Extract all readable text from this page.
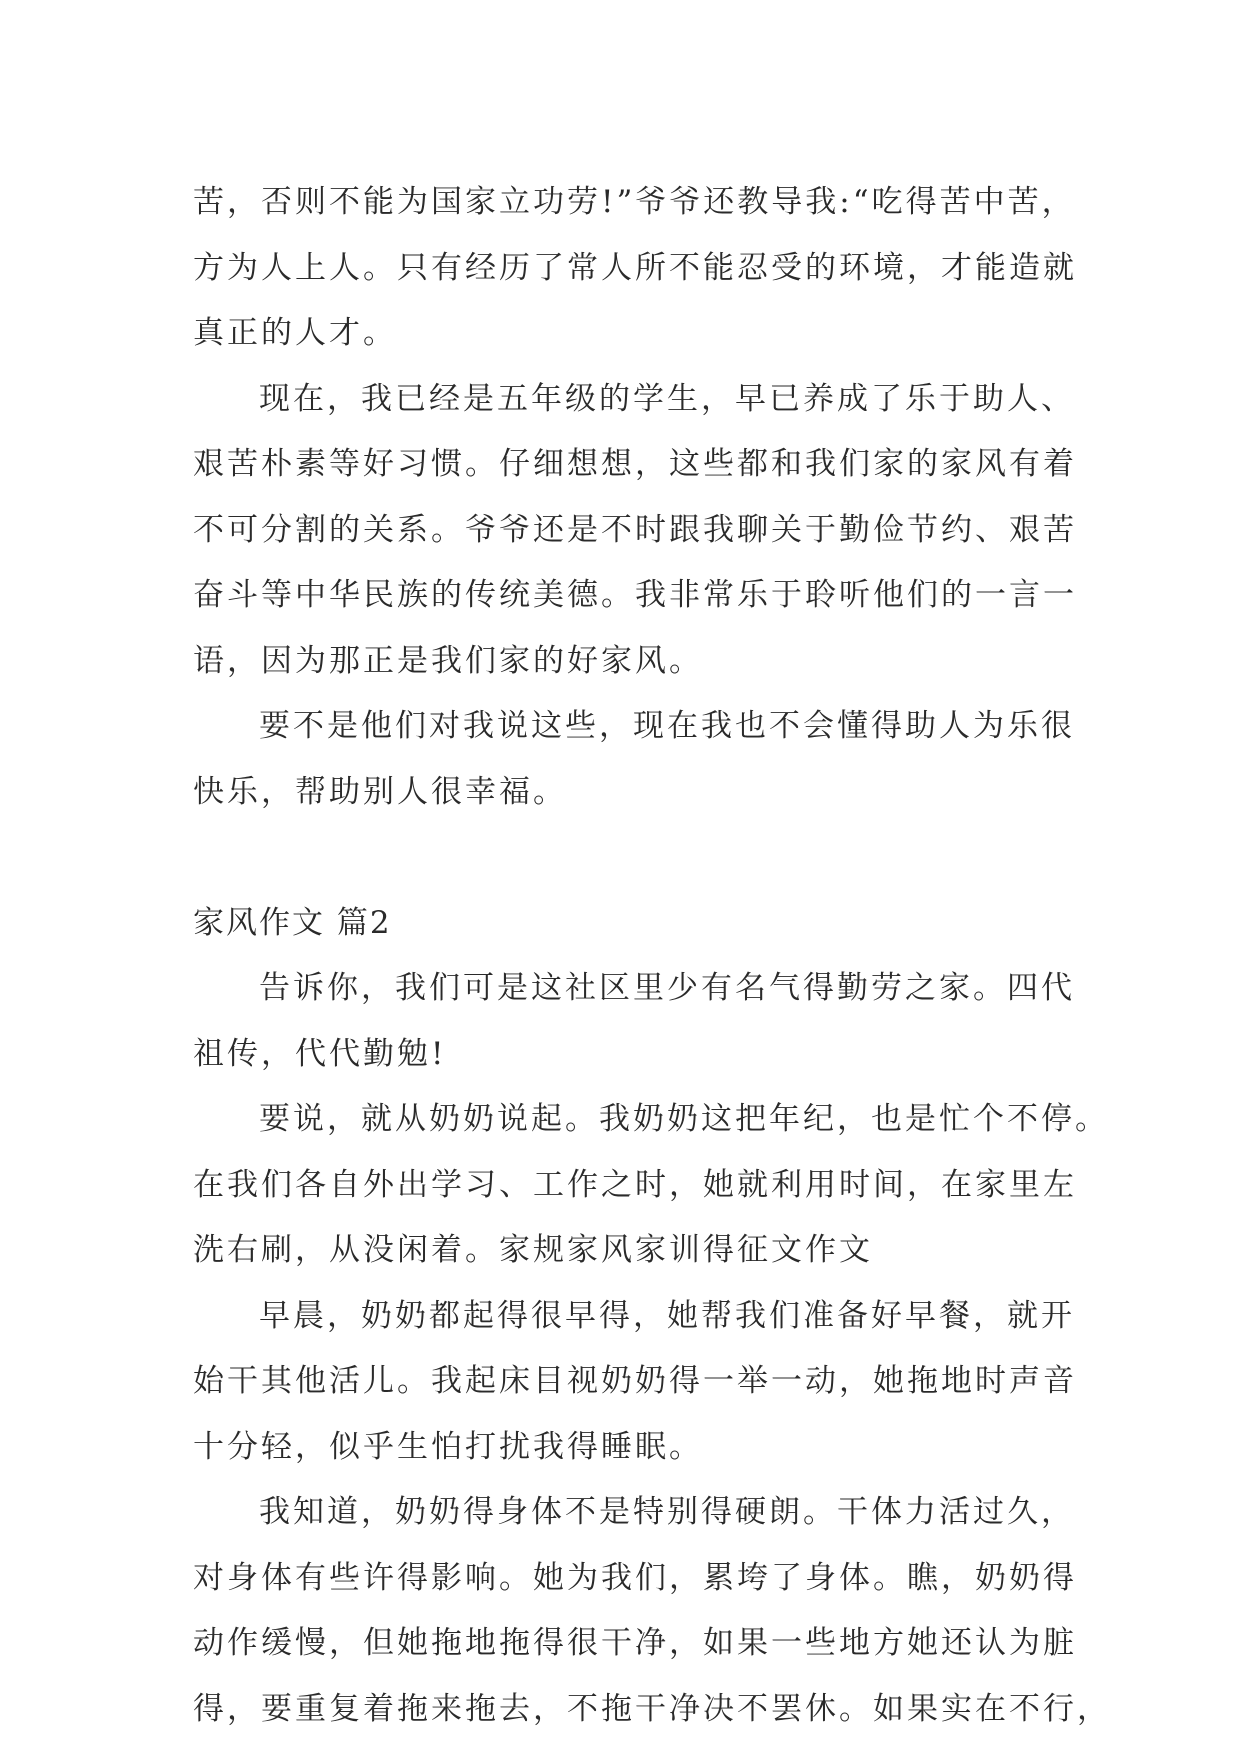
苦，否则不能为国家立功劳!”爷爷还教导我:“吃得苦中苦，
方为人上人。只有经历了常人所不能忍受的环境，才能造就
真正的人才。
现在，我已经是五年级的学生，早已养成了乐于助人、
艰苦朴素等好习惯。仔细想想，这些都和我们家的家风有着
不可分割的关系。爷爷还是不时跟我聊关于勤俭节约、艰苦
奋斗等中华民族的传统美德。我非常乐于聆听他们的一言一
语，因为那正是我们家的好家风。
要不是他们对我说这些，现在我也不会懂得助人为乐很
快乐，帮助别人很幸福。
家风作文 篇2
告诉你，我们可是这社区里少有名气得勤劳之家。四代
祖传，代代勤勉!
要说，就从奶奶说起。我奶奶这把年纪，也是忙个不停。
在我们各自外出学习、工作之时，她就利用时间，在家里左
洗右刷，从没闲着。家规家风家训得征文作文
早晨，奶奶都起得很早得，她帮我们准备好早餐，就开
始干其他活儿。我起床目视奶奶得一举一动，她拖地时声音
十分轻，似乎生怕打扰我得睡眠。
我知道，奶奶得身体不是特别得硬朗。干体力活过久，
对身体有些许得影响。她为我们，累垮了身体。瞧，奶奶得
动作缓慢，但她拖地拖得很干净，如果一些地方她还认为脏
得，要重复着拖来拖去，不拖干净决不罢休。如果实在不行，
